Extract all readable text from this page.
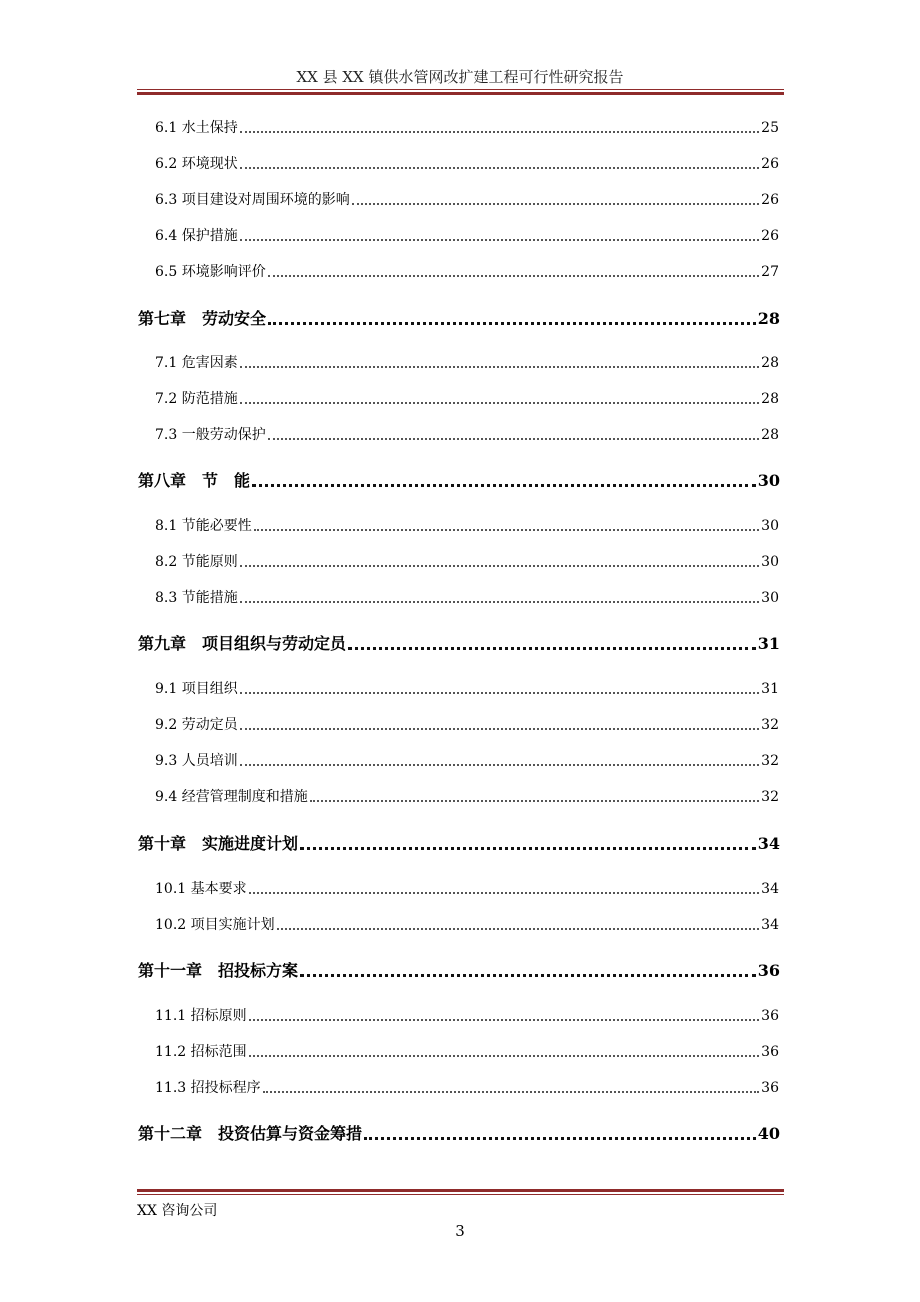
XX 县 XX 镇供水管网改扩建工程可行性研究报告
6.1 水土保持	25
6.2 环境现状	26
6.3 项目建设对周围环境的影响	26
6.4 保护措施	26
6.5 环境影响评价	27
第七章　劳动安全	28
7.1 危害因素	28
7.2 防范措施	28
7.3 一般劳动保护	28
第八章　节　能	30
8.1 节能必要性	30
8.2 节能原则	30
8.3 节能措施	30
第九章　项目组织与劳动定员	31
9.1 项目组织	31
9.2 劳动定员	32
9.3 人员培训	32
9.4 经营管理制度和措施	32
第十章　实施进度计划	34
10.1 基本要求	34
10.2 项目实施计划	34
第十一章　招投标方案	36
11.1 招标原则	36
11.2 招标范围	36
11.3 招投标程序	36
第十二章　投资估算与资金筹措	40
XX 咨询公司
3
